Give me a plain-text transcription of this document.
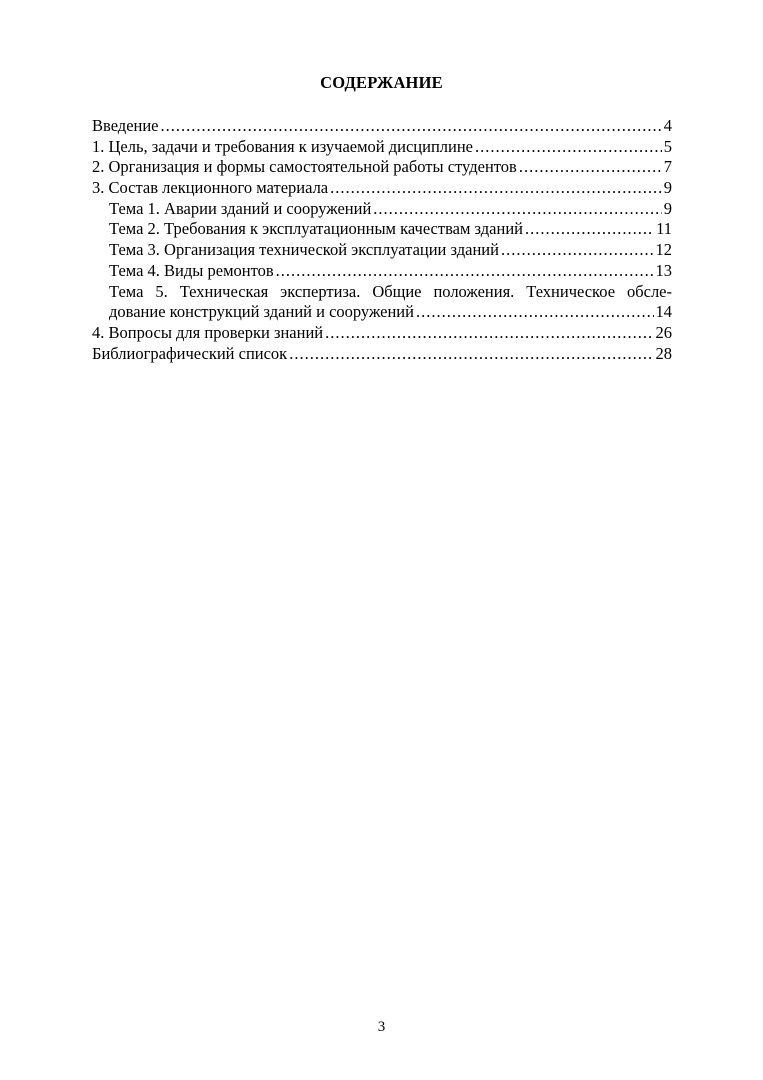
СОДЕРЖАНИЕ
Введение .....	4
1. Цель, задачи и требования к изучаемой дисциплине .....	5
2. Организация и формы самостоятельной работы студентов .....	7
3. Состав лекционного материала .....	9
Тема 1. Аварии зданий и сооружений .....	9
Тема 2. Требования к эксплуатационным качествам зданий .....	11
Тема 3. Организация технической эксплуатации зданий .....	12
Тема 4. Виды ремонтов .....	13
Тема 5. Техническая экспертиза. Общие положения. Техническое обсле-
дование конструкций зданий и сооружений .....	14
4. Вопросы для проверки знаний .....	26
Библиографический список .....	28
3
